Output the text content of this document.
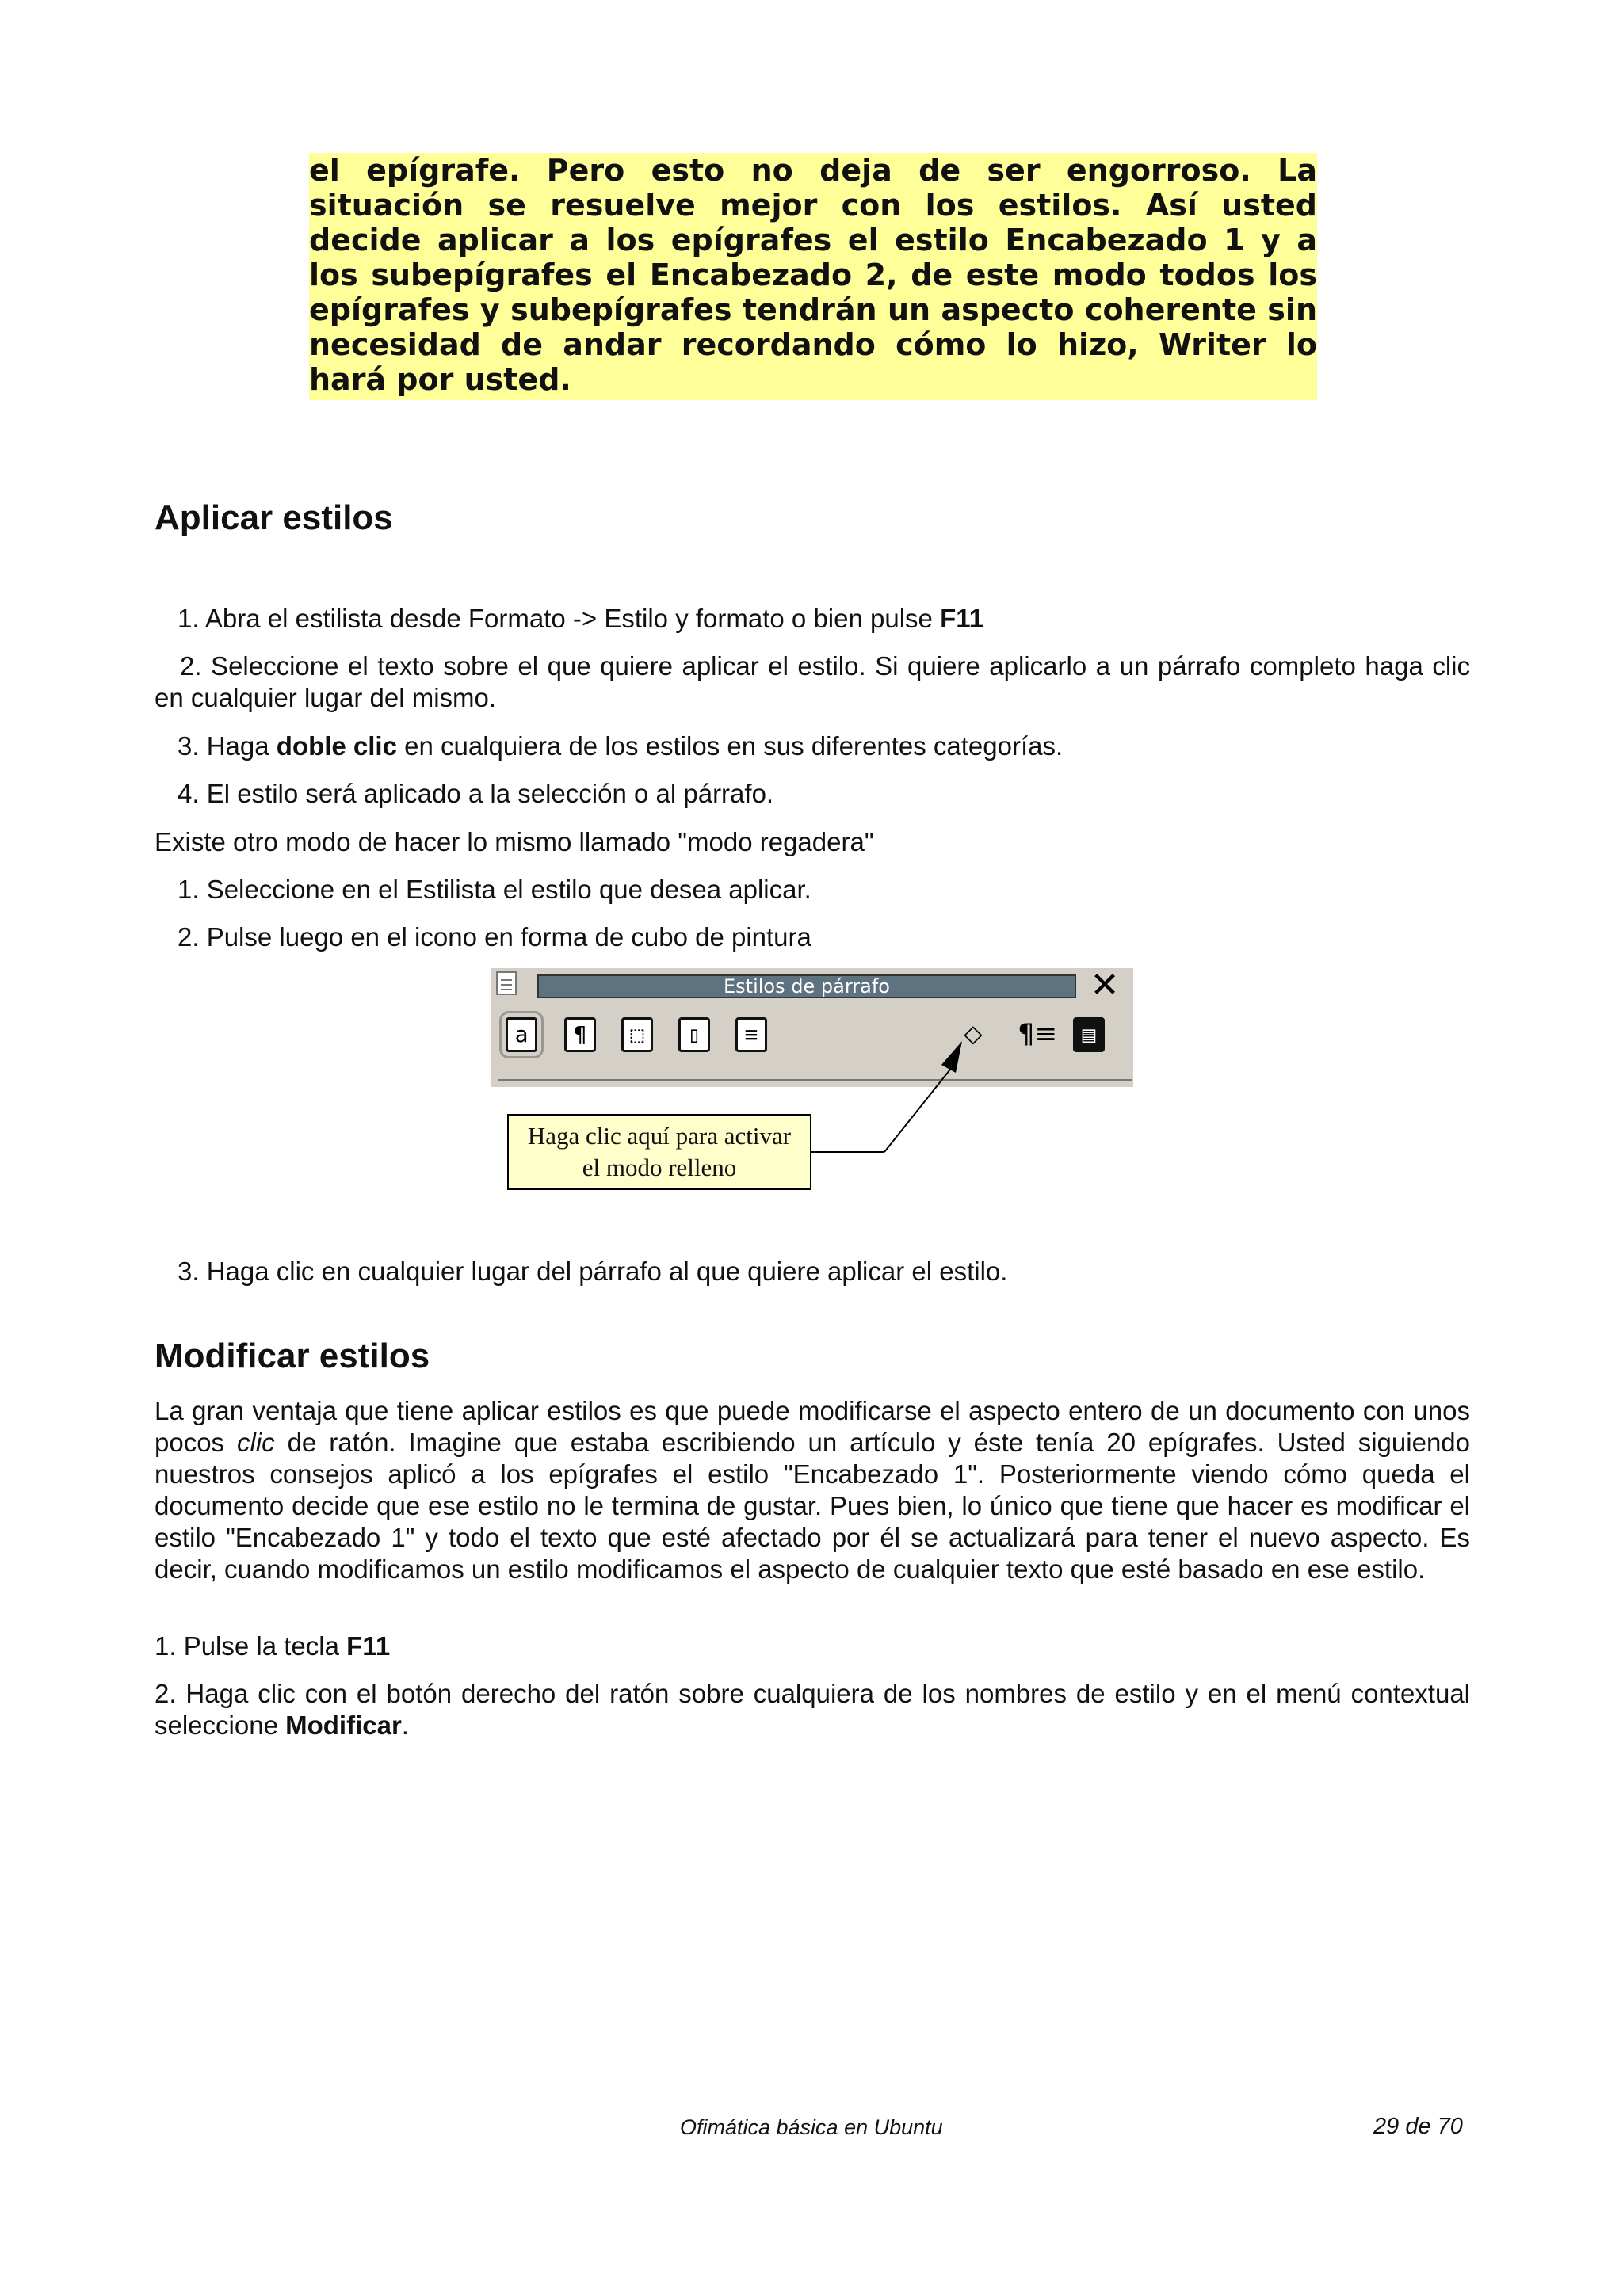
el epígrafe. Pero esto no deja de ser engorroso. La situación se resuelve mejor con los estilos. Así usted decide aplicar a los epígrafes el estilo Encabezado 1 y a los subepígrafes el Encabezado 2, de este modo todos los epígrafes y subepígrafes tendrán un aspecto coherente sin necesidad de andar recordando cómo lo hizo, Writer lo hará por usted.

Aplicar estilos

1. Abra el estilista desde Formato -> Estilo y formato o bien pulse F11

2. Seleccione el texto sobre el que quiere aplicar el estilo. Si quiere aplicarlo a un párrafo completo haga clic en cualquier lugar del mismo.

3. Haga doble clic en cualquiera de los estilos en sus diferentes categorías.

4. El estilo será aplicado a la selección o al párrafo.

Existe otro modo de hacer lo mismo llamado "modo regadera"

1. Seleccione en el Estilista el estilo que desea aplicar.

2. Pulse luego en el icono en forma de cubo de pintura

Estilos de párrafo	✕
a	¶	⬚	▯	≡	⬦ ¶≡	▤
Haga clic aquí para activar
el modo relleno

3. Haga clic en cualquier lugar del párrafo al que quiere aplicar el estilo.

Modificar estilos

La gran ventaja que tiene aplicar estilos es que puede modificarse el aspecto entero de un documento con unos pocos clic de ratón. Imagine que estaba escribiendo un artículo y éste tenía 20 epígrafes. Usted siguiendo nuestros consejos aplicó a los epígrafes el estilo "Encabezado 1". Posteriormente viendo cómo queda el documento decide que ese estilo no le termina de gustar. Pues bien, lo único que tiene que hacer es modificar el estilo "Encabezado 1" y todo el texto que esté afectado por él se actualizará para tener el nuevo aspecto. Es decir, cuando modificamos un estilo modificamos el aspecto de cualquier texto que esté basado en ese estilo.

1. Pulse la tecla F11

2. Haga clic con el botón derecho del ratón sobre cualquiera de los nombres de estilo y en el menú contextual seleccione Modificar.

Ofimática básica en Ubuntu	29 de 70
